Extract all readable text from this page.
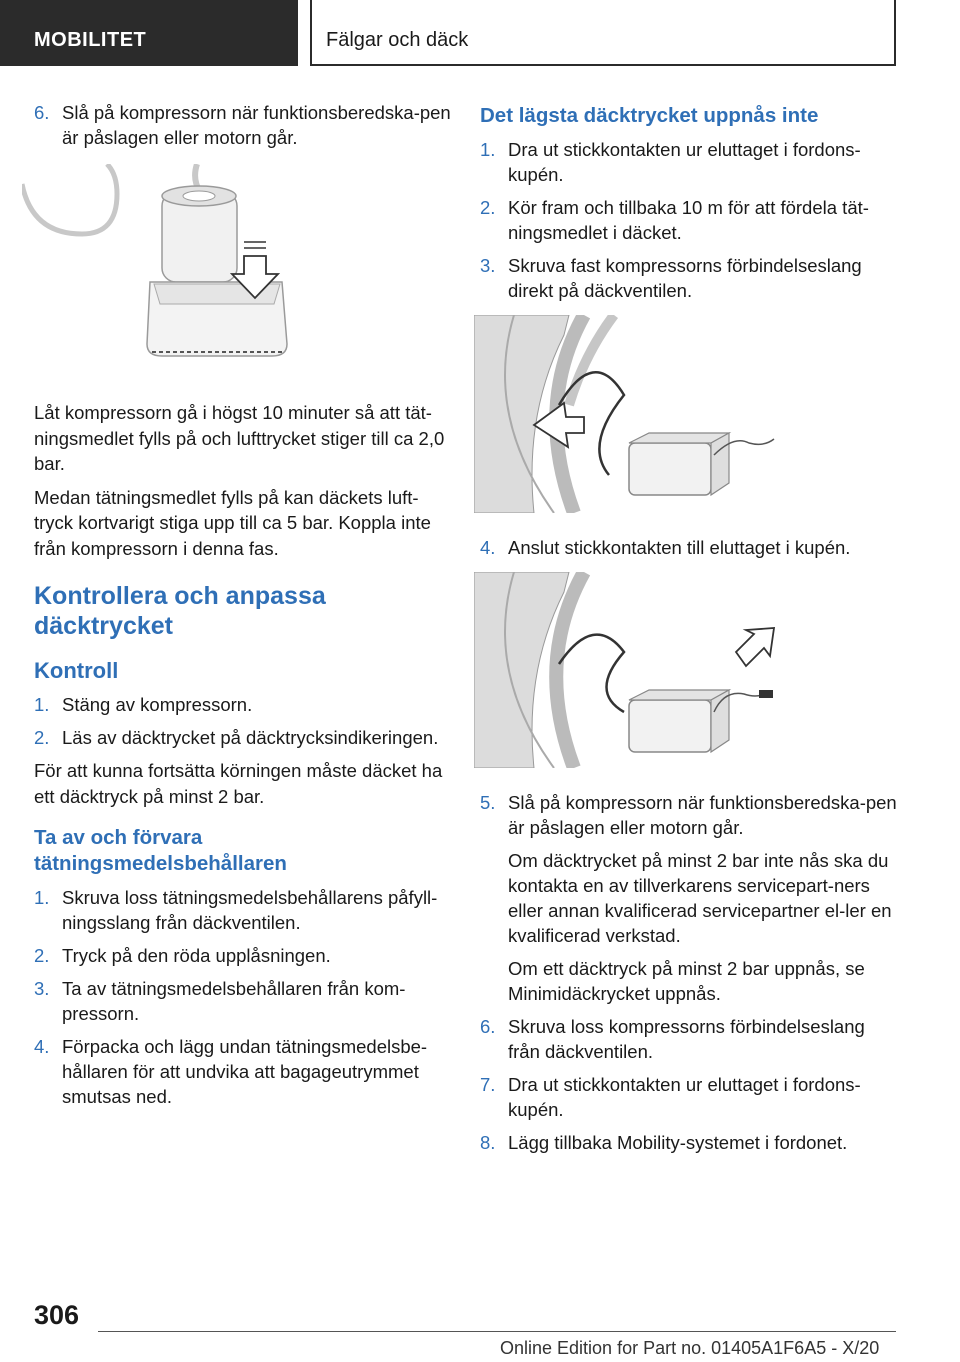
MOBILITET	Fälgar och däck
6. Slå på kompressorn när funktionsberedska-pen är påslagen eller motorn går.

Låt kompressorn gå i högst 10 minuter så att tät-ningsmedlet fylls på och lufttrycket stiger till ca 2,0 bar.

Medan tätningsmedlet fylls på kan däckets luft-tryck kortvarigt stiga upp till ca 5 bar. Koppla inte från kompressorn i denna fas.

Kontrollera och anpassa däcktrycket
Kontroll
1. Stäng av kompressorn.
2. Läs av däcktrycket på däcktrycksindikeringen.

För att kunna fortsätta körningen måste däcket ha ett däcktryck på minst 2 bar.

Ta av och förvara tätningsmedelsbehållaren
1. Skruva loss tätningsmedelsbehållarens påfyll-ningsslang från däckventilen.
2. Tryck på den röda upplåsningen.
3. Ta av tätningsmedelsbehållaren från kom-pressorn.
4. Förpacka och lägg undan tätningsmedelsbe-hållaren för att undvika att bagageutrymmet smutsas ned.
Det lägsta däcktrycket uppnås inte
1. Dra ut stickkontakten ur eluttaget i fordons-kupén.
2. Kör fram och tillbaka 10 m för att fördela tät-ningsmedlet i däcket.
3. Skruva fast kompressorns förbindelseslang direkt på däckventilen.
4. Anslut stickkontakten till eluttaget i kupén.
5. Slå på kompressorn när funktionsberedska-pen är påslagen eller motorn går.
Om däcktrycket på minst 2 bar inte nås ska du kontakta en av tillverkarens servicepart-ners eller annan kvalificerad servicepartner el-ler en kvalificerad verkstad.
Om ett däcktryck på minst 2 bar uppnås, se Minimidäckrycket uppnås.
6. Skruva loss kompressorns förbindelseslang från däckventilen.
7. Dra ut stickkontakten ur eluttaget i fordons-kupén.
8. Lägg tillbaka Mobility-systemet i fordonet.
306
Online Edition for Part no. 01405A1F6A5 - X/20
